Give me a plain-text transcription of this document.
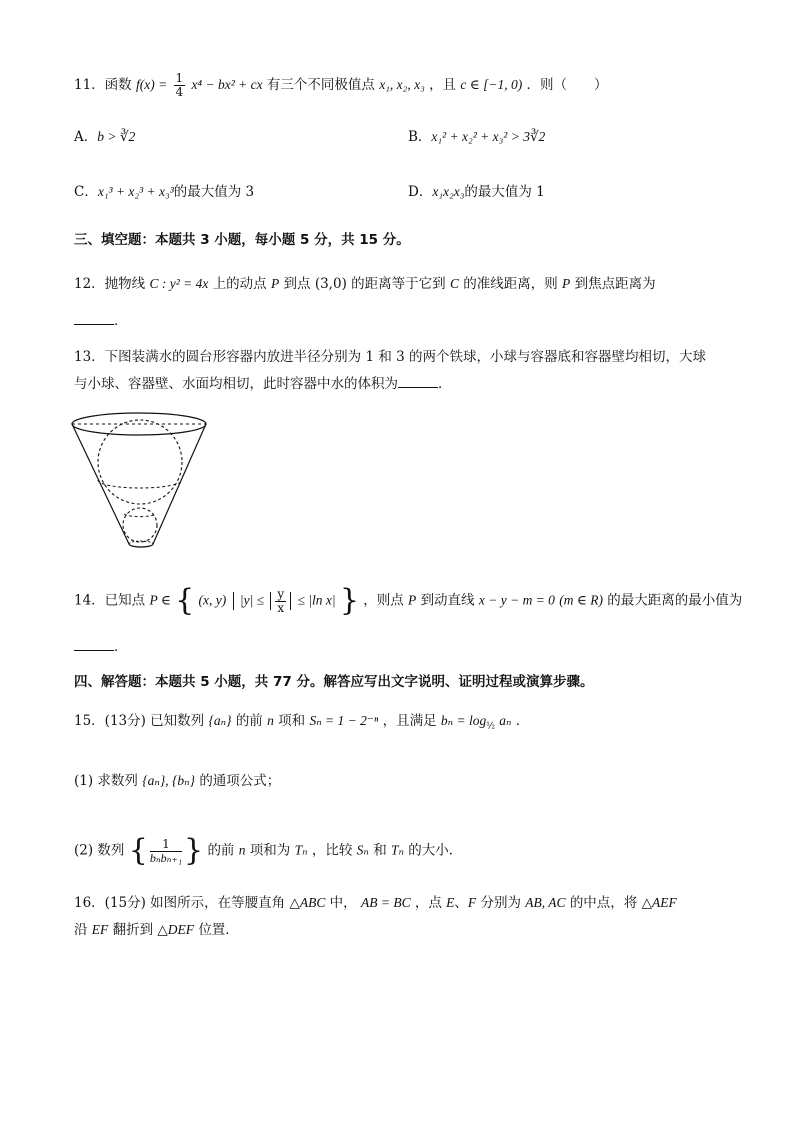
11．函数 $f(x) = \frac{1}{4} x^4 - bx^2$ + cx 有三个不同极值点 x₁, x₂, x₃ ，且 c ∈ [−1, 0) ．则（　　）
A．b > ∛2	B．x₁² + x₂² + x₃² > 3∛2
C．x₁³ + x₂³ + x₃³的最大值为 3	D．x₁x₂x₃的最大值为 1
三、填空题：本题共 3 小题，每小题 5 分，共 15 分。
12．抛物线 C : y² = 4x 上的动点 P 到点 (3,0) 的距离等于它到 C 的准线距离，则 P 到焦点距离为
．
13．下图装满水的圆台形容器内放进半径分别为 1 和 3 的两个铁球，小球与容器底和容器壁均相切，大球
与小球、容器壁、水面均相切，此时容器中水的体积为	．
14．已知点 P ∈ { (x, y) $|y| \le \frac{y}{x} \le |\ln$ x| } ，则点 P 到动直线 x − y − m = 0 (m ∈ R) 的最大距离的最小值为
．
四、解答题：本题共 5 小题，共 77 分。解答应写出文字说明、证明过程或演算步骤。
15．(13分) 已知数列 {aₙ} 的前 n 项和 Sₙ = 1 − 2⁻ⁿ ，且满足 $b_n = \log_{\frac{1}{2}} a_n$ ．
(1) 求数列 {aₙ}, {bₙ} 的通项公式；
(2) 数列 { $\frac{1}{\text{bₙbₙ₊₁}}$ } 的前 n 项和为 Tₙ ，比较 Sₙ 和 Tₙ 的大小．
16．(15分) 如图所示，在等腰直角 △ABC 中， AB = BC ，点 E、F 分别为 AB, AC 的中点，将 △AEF
沿 EF 翻折到 △DEF 位置．
